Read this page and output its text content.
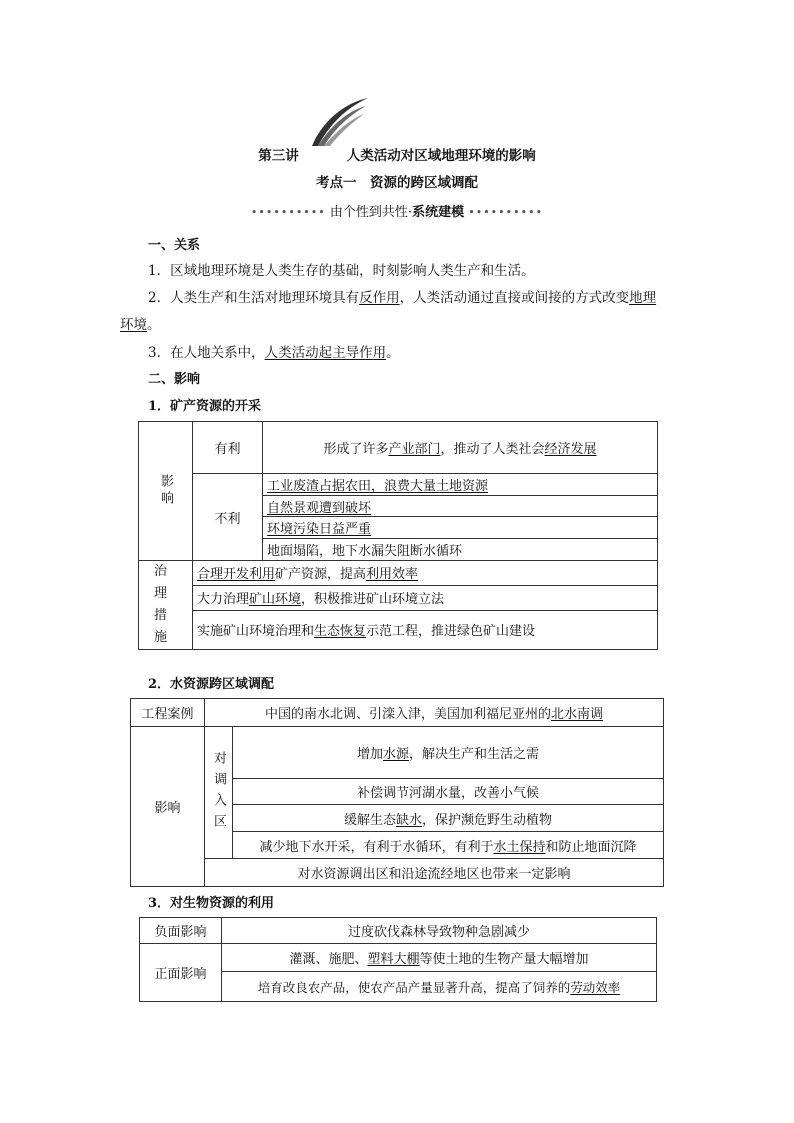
第三讲	人类活动对区域地理环境的影响
考点一　资源的跨区域调配
•••••••••• 由个性到共性·系统建模 ••••••••••
一、关系
1．区域地理环境是人类生存的基础，时刻影响人类生产和生活。
2．人类生产和生活对地理环境具有反作用，人类活动通过直接或间接的方式改变地理
环境。
3．在人地关系中，人类活动起主导作用。
二、影响
1．矿产资源的开采
影响	有利	形成了许多产业部门，推动了人类社会经济发展
	不利	工业废渣占据农田，浪费大量土地资源
		自然景观遭到破坏
		环境污染日益严重
		地面塌陷，地下水漏失阻断水循环

治理措施	合理开发利用矿产资源，提高利用效率	
	大力治理矿山环境，积极推进矿山环境立法	
	实施矿山环境治理和生态恢复示范工程，推进绿色矿山建设	
2．水资源跨区域调配
工程案例	中国的南水北调、引滦入津，美国加利福尼亚州的北水南调	
影响	对调入区	增加水源，解决生产和生活之需
		补偿调节河湖水量，改善小气候
		缓解生态缺水，保护濒危野生动植物
		减少地下水开采，有利于水循环，有利于水土保持和防止地面沉降
	对水资源调出区和沿途流经地区也带来一定影响	
3．对生物资源的利用
负面影响	过度砍伐森林导致物种急剧减少
正面影响	灌溉、施肥、塑料大棚等使土地的生物产量大幅增加
	培育改良农产品，使农产品产量显著升高，提高了饲养的劳动效率
